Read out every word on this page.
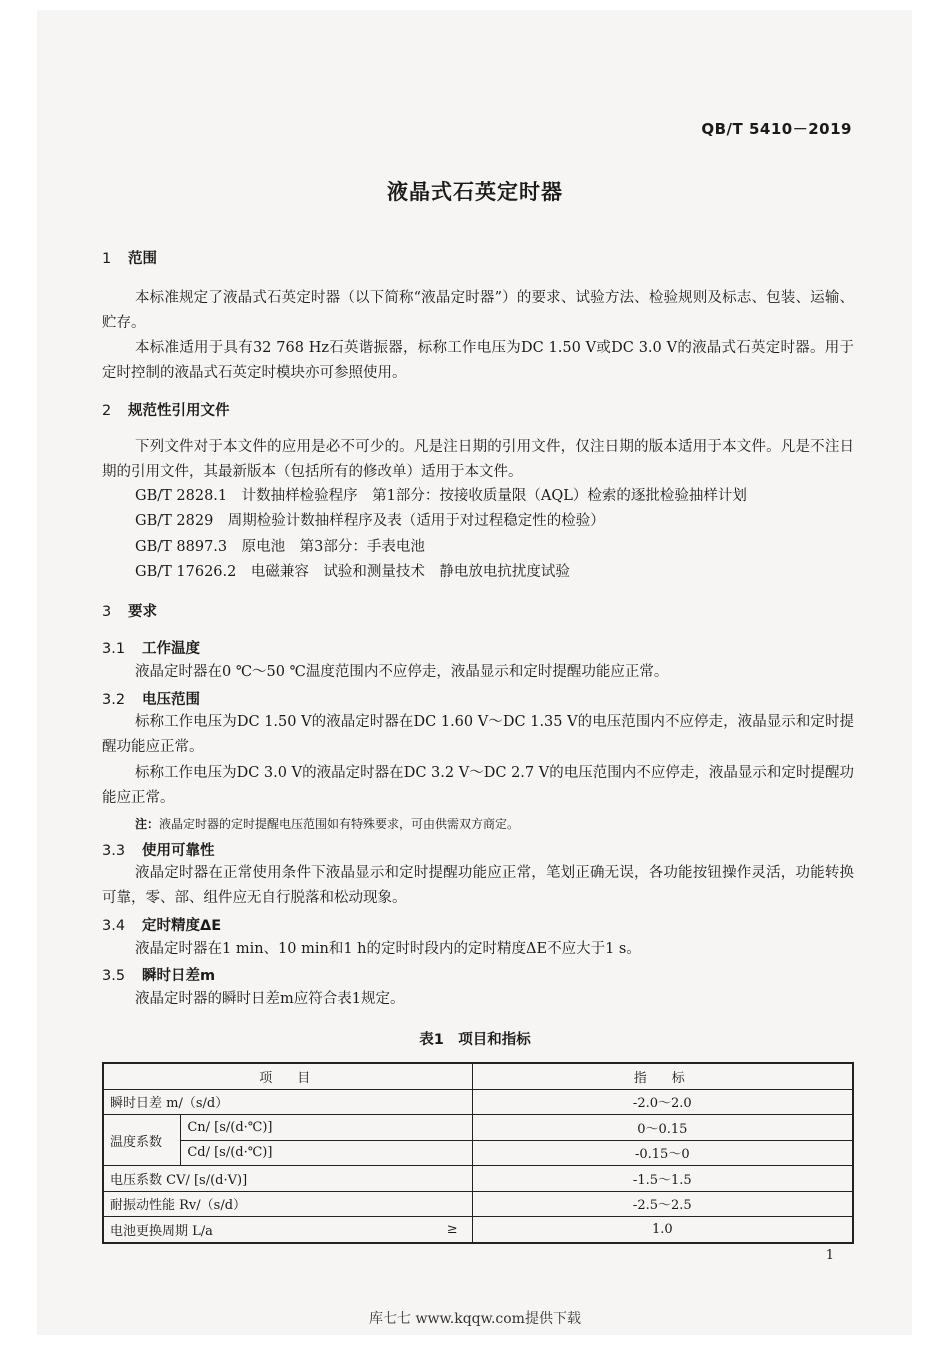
QB/T 5410－2019
液晶式石英定时器
1 范围
本标准规定了液晶式石英定时器（以下简称“液晶定时器”）的要求、试验方法、检验规则及标志、包装、运输、贮存。
本标准适用于具有32 768 Hz石英谐振器，标称工作电压为DC 1.50 V或DC 3.0 V的液晶式石英定时器。用于定时控制的液晶式石英定时模块亦可参照使用。
2 规范性引用文件
下列文件对于本文件的应用是必不可少的。凡是注日期的引用文件，仅注日期的版本适用于本文件。凡是不注日期的引用文件，其最新版本（包括所有的修改单）适用于本文件。
GB/T 2828.1　计数抽样检验程序　第1部分：按接收质量限（AQL）检索的逐批检验抽样计划
GB/T 2829　周期检验计数抽样程序及表（适用于对过程稳定性的检验）
GB/T 8897.3　原电池　第3部分：手表电池
GB/T 17626.2　电磁兼容　试验和测量技术　静电放电抗扰度试验
3 要求
3.1 工作温度
液晶定时器在0 ℃～50 ℃温度范围内不应停走，液晶显示和定时提醒功能应正常。
3.2 电压范围
标称工作电压为DC 1.50 V的液晶定时器在DC 1.60 V～DC 1.35 V的电压范围内不应停走，液晶显示和定时提醒功能应正常。
标称工作电压为DC 3.0 V的液晶定时器在DC 3.2 V～DC 2.7 V的电压范围内不应停走，液晶显示和定时提醒功能应正常。
注：液晶定时器的定时提醒电压范围如有特殊要求，可由供需双方商定。
3.3 使用可靠性
液晶定时器在正常使用条件下液晶显示和定时提醒功能应正常，笔划正确无误，各功能按钮操作灵活，功能转换可靠，零、部、组件应无自行脱落和松动现象。
3.4 定时精度ΔE
液晶定时器在1 min、10 min和1 h的定时时段内的定时精度ΔE不应大于1 s。
3.5 瞬时日差m
液晶定时器的瞬时日差m应符合表1规定。
表1　项目和指标
项　目		指　标
瞬时日差 m/（s/d）		-2.0～2.0
温度系数	Cn/ [s/(d·℃)]	0～0.15
	Cd/ [s/(d·℃)]	-0.15～0
电压系数 CV/ [s/(d·V)]		-1.5～1.5
耐振动性能 Rv/（s/d）		-2.5～2.5

电池更换周期 L/a ≥		1.0
1
库七七 www.kqqw.com提供下载
